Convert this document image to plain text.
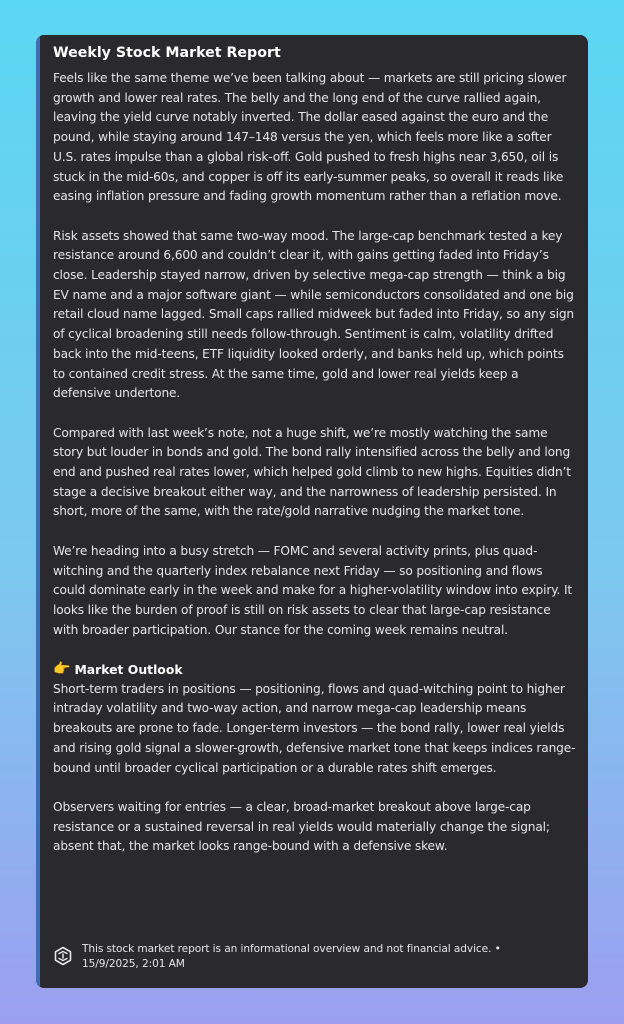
Weekly Stock Market Report

Feels like the same theme we’ve been talking about — markets are still pricing slower growth and lower real rates. The belly and the long end of the curve rallied again, leaving the yield curve notably inverted. The dollar eased against the euro and the pound, while staying around 147–148 versus the yen, which feels more like a softer U.S. rates impulse than a global risk-off. Gold pushed to fresh highs near 3,650, oil is stuck in the mid-60s, and copper is off its early-summer peaks, so overall it reads like easing inflation pressure and fading growth momentum rather than a reflation move.

Risk assets showed that same two-way mood. The large-cap benchmark tested a key resistance around 6,600 and couldn’t clear it, with gains getting faded into Friday’s close. Leadership stayed narrow, driven by selective mega-cap strength — think a big EV name and a major software giant — while semiconductors consolidated and one big retail cloud name lagged. Small caps rallied midweek but faded into Friday, so any sign of cyclical broadening still needs follow-through. Sentiment is calm, volatility drifted back into the mid-teens, ETF liquidity looked orderly, and banks held up, which points to contained credit stress. At the same time, gold and lower real yields keep a defensive undertone.

Compared with last week’s note, not a huge shift, we’re mostly watching the same story but louder in bonds and gold. The bond rally intensified across the belly and long end and pushed real rates lower, which helped gold climb to new highs. Equities didn’t stage a decisive breakout either way, and the narrowness of leadership persisted. In short, more of the same, with the rate/gold narrative nudging the market tone.

We’re heading into a busy stretch — FOMC and several activity prints, plus quad-witching and the quarterly index rebalance next Friday — so positioning and flows could dominate early in the week and make for a higher-volatility window into expiry. It looks like the burden of proof is still on risk assets to clear that large-cap resistance with broader participation. Our stance for the coming week remains neutral.

👉 Market Outlook

Short-term traders in positions — positioning, flows and quad-witching point to higher intraday volatility and two-way action, and narrow mega-cap leadership means breakouts are prone to fade. Longer-term investors — the bond rally, lower real yields and rising gold signal a slower-growth, defensive market tone that keeps indices range-bound until broader cyclical participation or a durable rates shift emerges.

Observers waiting for entries — a clear, broad-market breakout above large-cap resistance or a sustained reversal in real yields would materially change the signal; absent that, the market looks range-bound with a defensive skew.

This stock market report is an informational overview and not financial advice. •
15/9/2025, 2:01 AM
